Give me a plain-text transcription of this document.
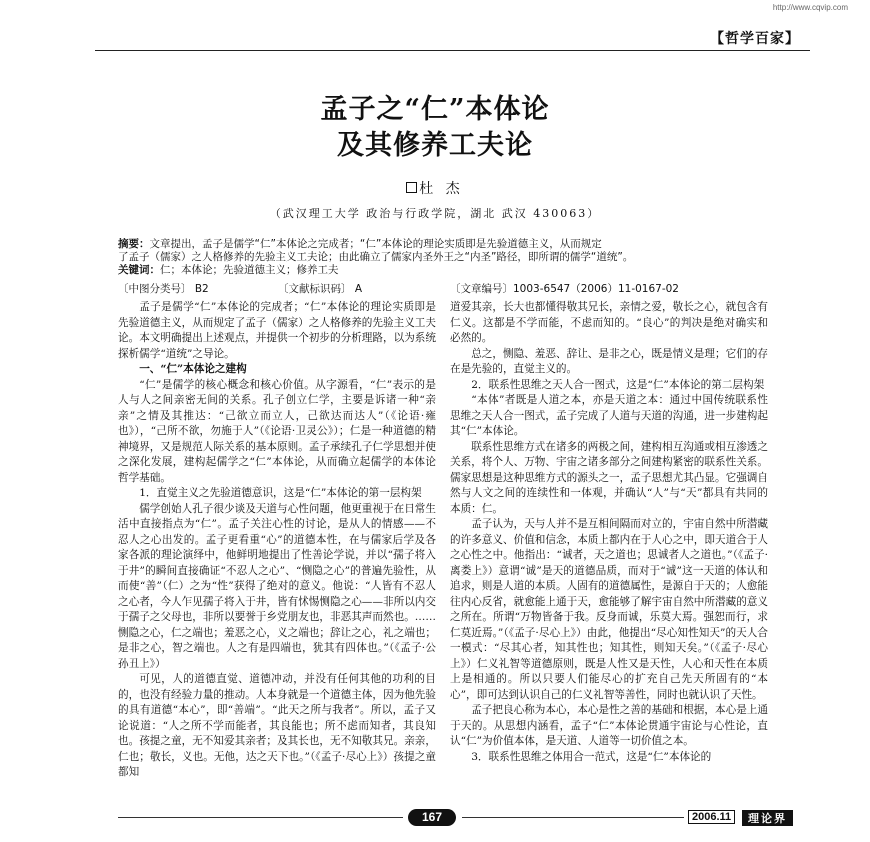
http://www.cqvip.com
【哲学百家】
孟子之“仁”本体论
及其修养工夫论
杜 杰
（武汉理工大学 政治与行政学院，湖北 武汉 430063）
摘要：文章提出，孟子是儒学“仁”本体论之完成者；“仁”本体论的理论实质即是先验道德主义，从而规定
了孟子（儒家）之人格修养的先验主义工夫论；由此确立了儒家内圣外王之“内圣”路径，即所谓的儒学“道统”。
关键词：仁；本体论；先验道德主义；修养工夫
〔中图分类号〕 B2	〔文献标识码〕 A	〔文章编号〕1003-6547（2006）11-0167-02

孟子是儒学“仁”本体论的完成者；“仁”本体论的理论实质即是先验道德主义，从而规定了孟子（儒家）之人格修养的先验主义工夫论。本文明确提出上述观点，并提供一个初步的分析理路，以为系统探析儒学“道统”之导论。

一、“仁”本体论之建构

“仁”是儒学的核心概念和核心价值。从字源看，“仁”表示的是人与人之间亲密无间的关系。孔子创立仁学，主要是诉诸一种“亲亲”之情及其推达：“己欲立而立人，己欲达而达人”（《论语·雍也》），“己所不欲，勿施于人”（《论语·卫灵公》）；仁是一种道德的精神境界，又是规范人际关系的基本原则。孟子承续孔子仁学思想并使之深化发展，建构起儒学之“仁”本体论，从而确立起儒学的本体论哲学基础。

1．直觉主义之先验道德意识，这是“仁”本体论的第一层构架

儒学创始人孔子很少谈及天道与心性问题，他更重视于在日常生活中直接指点为“仁”。孟子关注心性的讨论，是从人的情感——不忍人之心出发的。孟子更看重“心”的道德本性，在与儒家后学及各家各派的理论演绎中，他鲜明地提出了性善论学说，并以“孺子将入于井”的瞬间直接确证“不忍人之心”、“恻隐之心”的普遍先验性，从而使“善”（仁）之为“性”获得了绝对的意义。他说：“人皆有不忍人之心者，今人乍见孺子将入于井，皆有怵惕恻隐之心——非所以内交于孺子之父母也，非所以要誉于乡党朋友也，非恶其声而然也。……恻隐之心，仁之端也；羞恶之心，义之端也；辞让之心，礼之端也；是非之心，智之端也。人之有是四端也，犹其有四体也。”（《孟子·公孙丑上》）

可见，人的道德直觉、道德冲动，并没有任何其他的功利的目的，也没有经验力量的推动。人本身就是一个道德主体，因为他先验的具有道德“本心”，即“善端”。“此天之所与我者”。所以，孟子又论说道：“人之所不学而能者，其良能也；所不虑而知者，其良知也。孩提之童，无不知爱其亲者；及其长也，无不知敬其兄。亲亲，仁也；敬长，义也。无他，达之天下也。”（《孟子·尽心上》）孩提之童都知

道爱其亲，长大也都懂得敬其兄长，亲情之爱，敬长之心，就包含有仁义。这都是不学而能，不虑而知的。“良心”的判决是绝对确实和必然的。

总之，恻隐、羞恶、辞让、是非之心，既是情义是理；它们的存在是先验的，直觉主义的。

2．联系性思维之天人合一图式，这是“仁”本体论的第二层构架

“本体”者既是人道之本，亦是天道之本：通过中国传统联系性思维之天人合一图式，孟子完成了人道与天道的沟通，进一步建构起其“仁”本体论。

联系性思维方式在诸多的两极之间，建构相互沟通或相互渗透之关系，将个人、万物、宇宙之诸多部分之间建构紧密的联系性关系。儒家思想是这种思维方式的源头之一，孟子思想尤其凸显。它强调自然与人文之间的连续性和一体观，并确认“人”与“天”都具有共同的本质：仁。

孟子认为，天与人并不是互相间隔而对立的，宇宙自然中所潜藏的许多意义、价值和信念，本质上都内在于人心之中，即天道合于人之心性之中。他指出：“诚者，天之道也；思诚者人之道也。”（《孟子·离娄上》）意谓“诚”是天的道德品质，而对于“诚”这一天道的体认和追求，则是人道的本质。人固有的道德属性，是源自于天的；人愈能往内心反省，就愈能上通于天，愈能够了解宇宙自然中所潜藏的意义之所在。所谓“万物皆备于我。反身而诚，乐莫大焉。强恕而行，求仁莫近焉。”（《孟子·尽心上》）由此，他提出“尽心知性知天”的天人合一模式：“尽其心者，知其性也；知其性，则知天矣。”（《孟子·尽心上》）仁义礼智等道德原则，既是人性又是天性，人心和天性在本质上是相通的。所以只要人们能尽心的扩充自己先天所固有的“本心”，即可达到认识自己的仁义礼智等善性，同时也就认识了天性。

孟子把良心称为本心，本心是性之善的基础和根据，本心是上通于天的。从思想内涵看，孟子“仁”本体论贯通宇宙论与心性论，直认“仁”为价值本体，是天道、人道等一切价值之本。

3．联系性思维之体用合一范式，这是“仁”本体论的

167	2006.11	理论界
